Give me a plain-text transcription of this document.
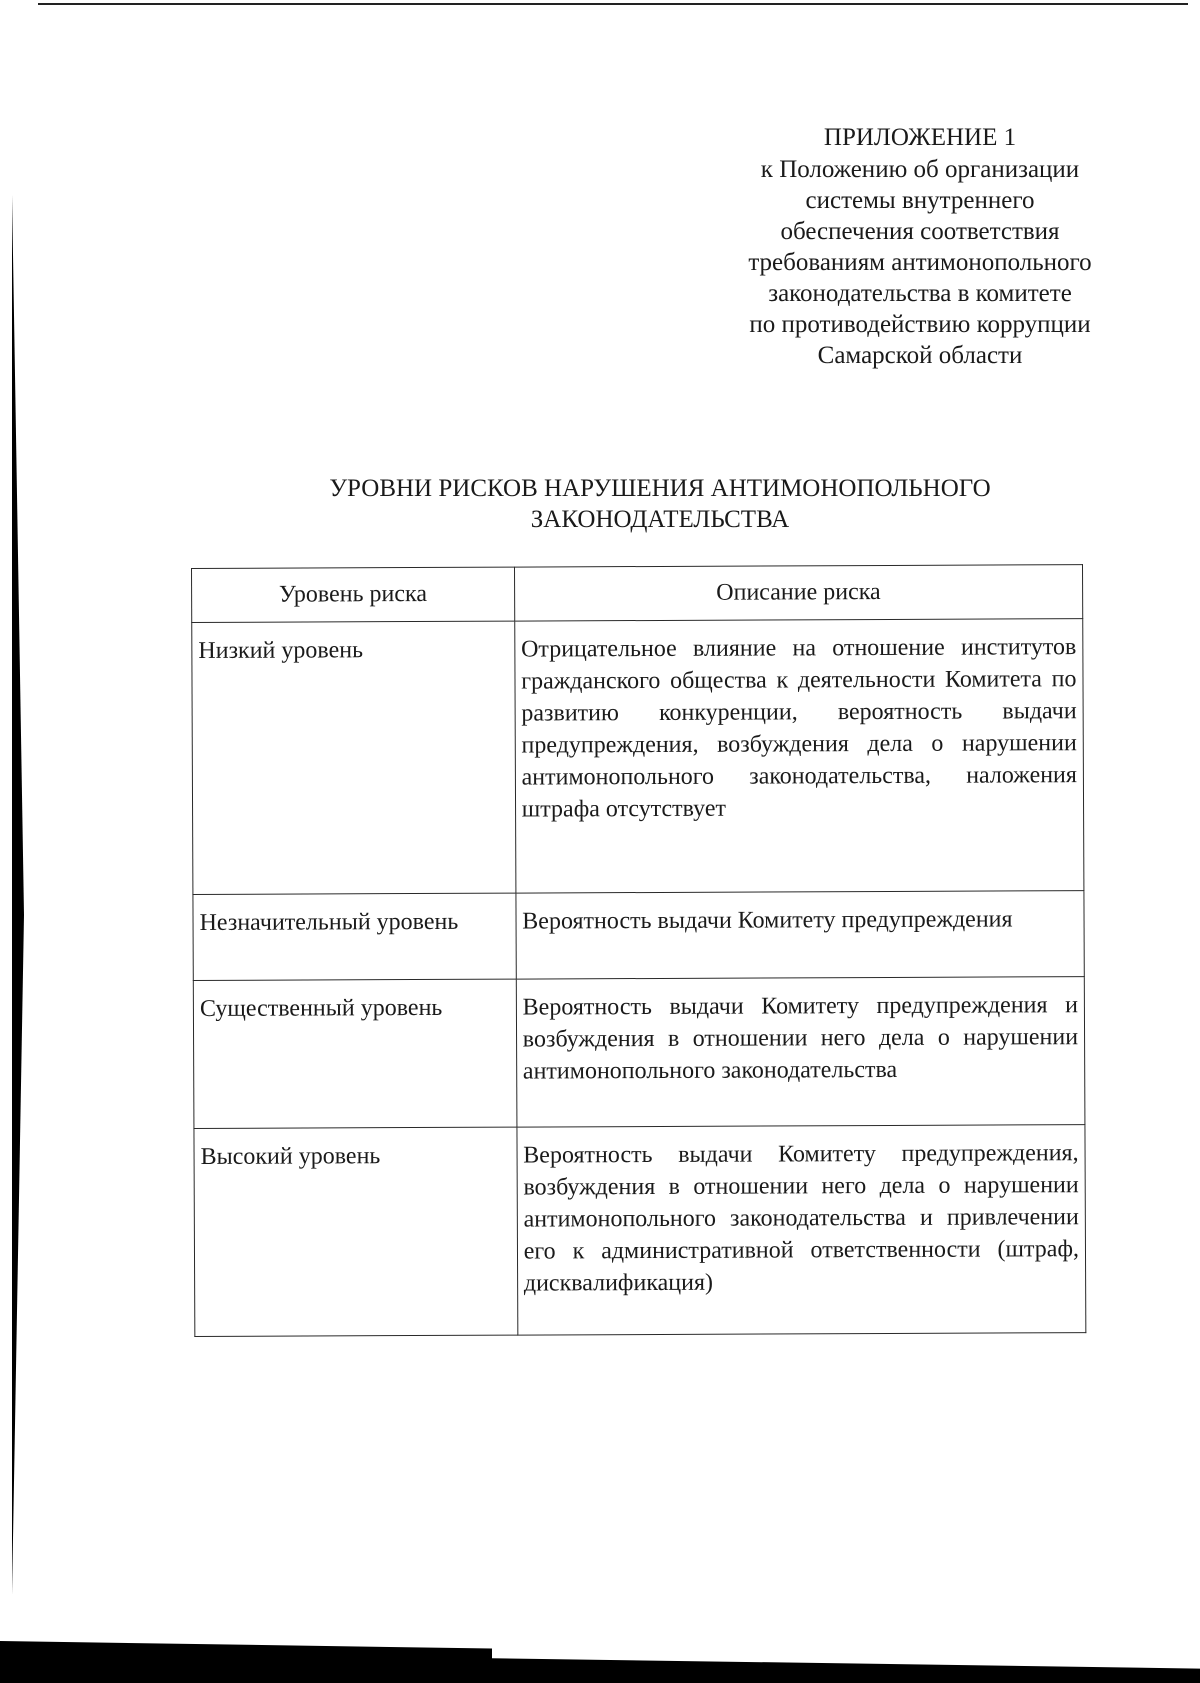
ПРИЛОЖЕНИЕ 1
к Положению об организации
системы внутреннего
обеспечения соответствия
требованиям антимонопольного
законодательства в комитете
по противодействию коррупции
Самарской области
УРОВНИ РИСКОВ НАРУШЕНИЯ АНТИМОНОПОЛЬНОГО
ЗАКОНОДАТЕЛЬСТВА
Уровень риска	Описание риска
Низкий уровень	Отрицательное влияние на отношение институтов гражданского общества к деятельности Комитета по развитию конкуренции, вероятность выдачи предупреждения, возбуждения дела о нарушении антимонопольного законодательства, наложения штрафа отсутствует
Незначительный уровень	Вероятность выдачи Комитету предупреждения
Существенный уровень	Вероятность выдачи Комитету предупреждения и возбуждения в отношении него дела о нарушении антимонопольного законодательства
Высокий уровень	Вероятность выдачи Комитету предупреждения, возбуждения в отношении него дела о нарушении антимонопольного законодательства и привлечении его к административной ответственности (штраф, дисквалификация)
